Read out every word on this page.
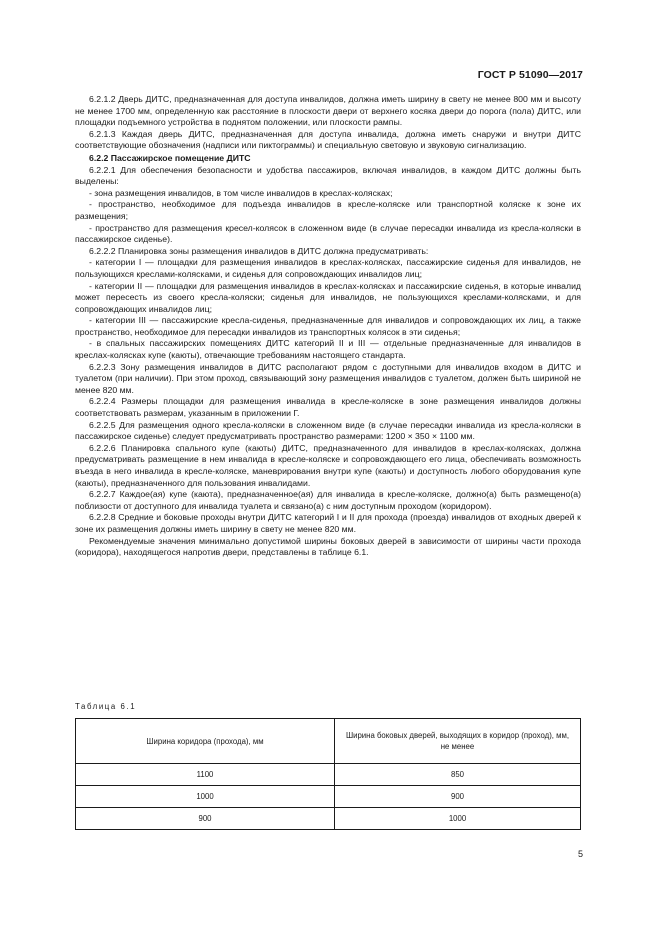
ГОСТ Р 51090—2017

6.2.1.2 Дверь ДИТС, предназначенная для доступа инвалидов, должна иметь ширину в свету не менее 800 мм и высоту не менее 1700 мм, определенную как расстояние в плоскости двери от верхнего косяка двери до порога (пола) ДИТС, или площадки подъемного устройства в поднятом положении, или плоскости рампы.

6.2.1.3 Каждая дверь ДИТС, предназначенная для доступа инвалида, должна иметь снаружи и внутри ДИТС соответствующие обозначения (надписи или пиктограммы) и специальную световую и звуковую сигнализацию.

6.2.2 Пассажирское помещение ДИТС

6.2.2.1 Для обеспечения безопасности и удобства пассажиров, включая инвалидов, в каждом ДИТС должны быть выделены:

- зона размещения инвалидов, в том числе инвалидов в креслах-колясках;

- пространство, необходимое для подъезда инвалидов в кресле-коляске или транспортной коляске к зоне их размещения;

- пространство для размещения кресел-колясок в сложенном виде (в случае пересадки инвалида из кресла-коляски в пассажирское сиденье).

6.2.2.2 Планировка зоны размещения инвалидов в ДИТС должна предусматривать:

- категории I — площадки для размещения инвалидов в креслах-колясках, пассажирские сиденья для инвалидов, не пользующихся креслами-колясками, и сиденья для сопровождающих инвалидов лиц;

- категории II — площадки для размещения инвалидов в креслах-колясках и пассажирские сиденья, в которые инвалид может пересесть из своего кресла-коляски; сиденья для инвалидов, не пользующихся креслами-колясками, и для сопровождающих инвалидов лиц;

- категории III — пассажирские кресла-сиденья, предназначенные для инвалидов и сопровождающих их лиц, а также пространство, необходимое для пересадки инвалидов из транспортных колясок в эти сиденья;

- в спальных пассажирских помещениях ДИТС категорий II и III — отдельные предназначенные для инвалидов в креслах-колясках купе (каюты), отвечающие требованиям настоящего стандарта.

6.2.2.3 Зону размещения инвалидов в ДИТС располагают рядом с доступными для инвалидов входом в ДИТС и туалетом (при наличии). При этом проход, связывающий зону размещения инвалидов с туалетом, должен быть шириной не менее 820 мм.

6.2.2.4 Размеры площадки для размещения инвалида в кресле-коляске в зоне размещения инвалидов должны соответствовать размерам, указанным в приложении Г.

6.2.2.5 Для размещения одного кресла-коляски в сложенном виде (в случае пересадки инвалида из кресла-коляски в пассажирское сиденье) следует предусматривать пространство размерами: 1200 × 350 × 1100 мм.

6.2.2.6 Планировка спального купе (каюты) ДИТС, предназначенного для инвалидов в креслах-колясках, должна предусматривать размещение в нем инвалида в кресле-коляске и сопровождающего его лица, обеспечивать возможность въезда в него инвалида в кресле-коляске, маневрирования внутри купе (каюты) и доступность любого оборудования купе (каюты), предназначенного для пользования инвалидами.

6.2.2.7 Каждое(ая) купе (каюта), предназначенное(ая) для инвалида в кресле-коляске, должно(а) быть размещено(а) поблизости от доступного для инвалида туалета и связано(а) с ним доступным проходом (коридором).

6.2.2.8 Средние и боковые проходы внутри ДИТС категорий I и II для прохода (проезда) инвалидов от входных дверей к зоне их размещения должны иметь ширину в свету не менее 820 мм.

Рекомендуемые значения минимально допустимой ширины боковых дверей в зависимости от ширины части прохода (коридора), находящегося напротив двери, представлены в таблице 6.1.

Таблица 6.1
Ширина коридора (прохода), мм	Ширина боковых дверей, выходящих в коридор (проход), мм, не менее
1100	850
1000	900
900	1000
5
